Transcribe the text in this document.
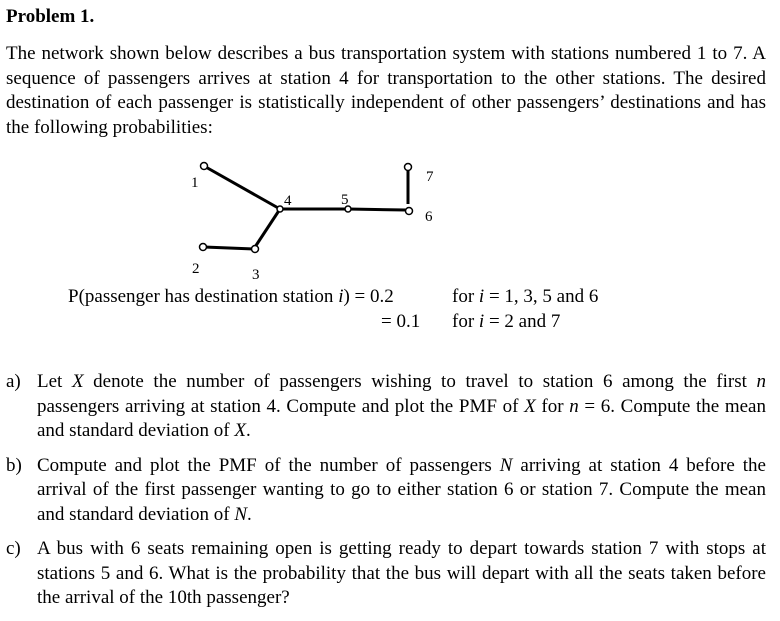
Problem 1.

The network shown below describes a bus transportation system with stations numbered 1 to 7. A sequence of passengers arrives at station 4 for transportation to the other stations. The desired destination of each passenger is statistically independent of other passengers’ destinations and has the following probabilities:

1
2	3
4	5
6
7
P(passenger has destination station i) = 0.2	for i = 1, 3, 5 and 6
= 0.1 for i = 2 and 7

a) Let X denote the number of passengers wishing to travel to station 6 among the first n passengers arriving at station 4. Compute and plot the PMF of X for n = 6. Compute the mean and standard deviation of X.

b) Compute and plot the PMF of the number of passengers N arriving at station 4 before the arrival of the first passenger wanting to go to either station 6 or station 7. Compute the mean and standard deviation of N.

c) A bus with 6 seats remaining open is getting ready to depart towards station 7 with stops at stations 5 and 6. What is the probability that the bus will depart with all the seats taken before the arrival of the 10th passenger?
